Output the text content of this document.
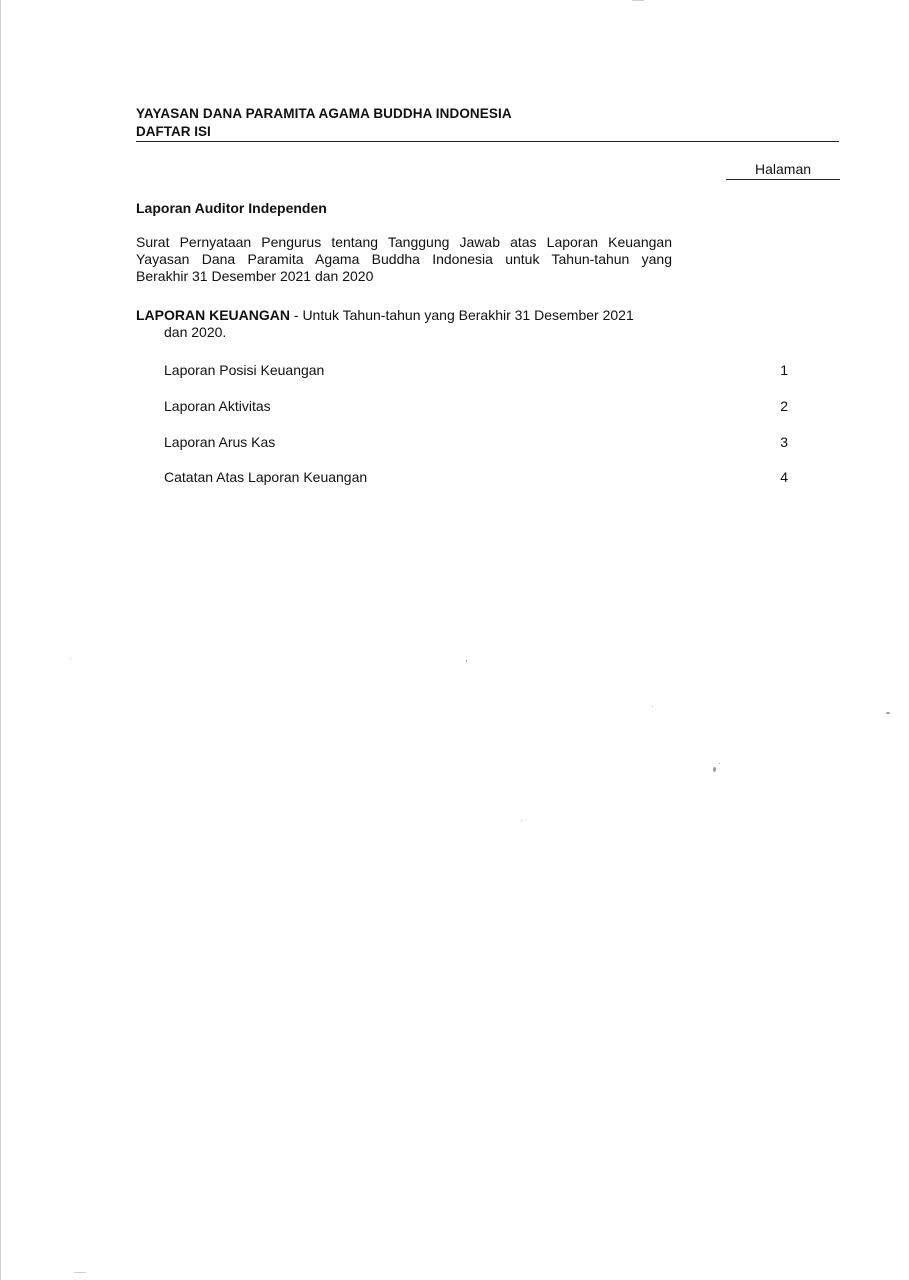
YAYASAN DANA PARAMITA AGAMA BUDDHA INDONESIA
DAFTAR ISI
Halaman
Laporan Auditor Independen
Surat Pernyataan Pengurus tentang Tanggung Jawab atas Laporan Keuangan
Yayasan Dana Paramita Agama Buddha Indonesia untuk Tahun-tahun yang
Berakhir 31 Desember 2021 dan 2020
LAPORAN KEUANGAN - Untuk Tahun-tahun yang Berakhir 31 Desember 2021
dan 2020.
Laporan Posisi Keuangan	1
Laporan Aktivitas	2
Laporan Arus Kas	3
Catatan Atas Laporan Keuangan	4
